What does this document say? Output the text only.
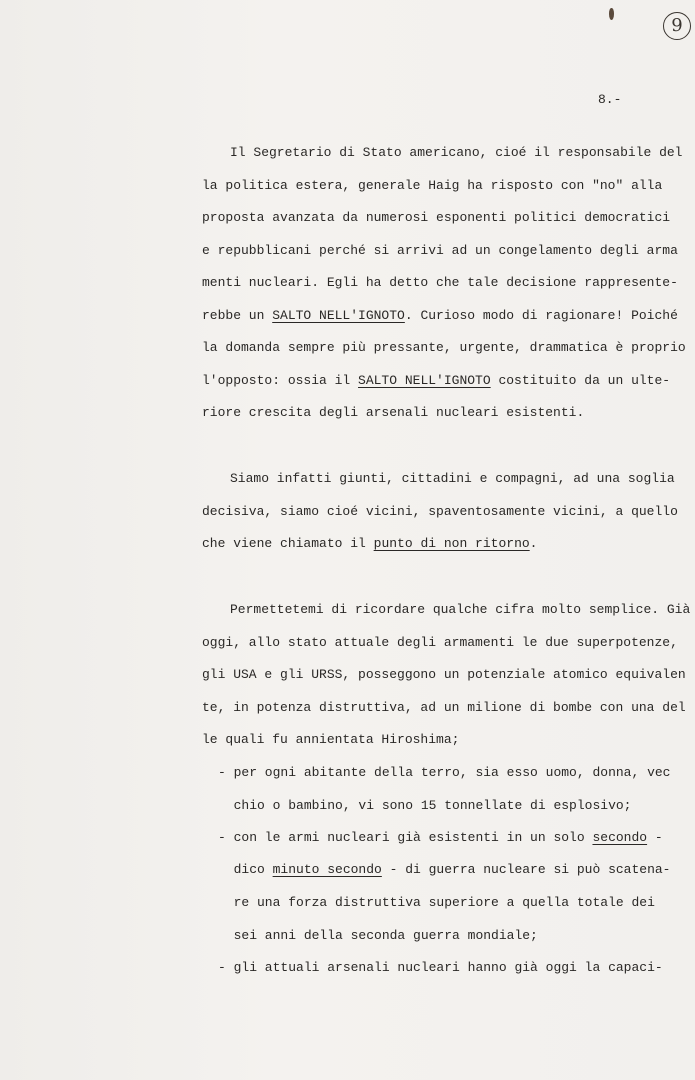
9
8.-
Il Segretario di Stato americano, cioé il responsabile del
la politica estera, generale Haig ha risposto con "no" alla
proposta avanzata da numerosi esponenti politici democratici
e repubblicani perché si arrivi ad un congelamento degli arma
menti nucleari. Egli ha detto che tale decisione rappresente-
rebbe un SALTO NELL'IGNOTO. Curioso modo di ragionare! Poiché
la domanda sempre più pressante, urgente, drammatica è proprio
l'opposto: ossia il SALTO NELL'IGNOTO costituito da un ulte-
riore crescita degli arsenali nucleari esistenti.
Siamo infatti giunti, cittadini e compagni, ad una soglia
decisiva, siamo cioé vicini, spaventosamente vicini, a quello
che viene chiamato il punto di non ritorno.
Permettetemi di ricordare qualche cifra molto semplice. Già
oggi, allo stato attuale degli armamenti le due superpotenze,
gli USA e gli URSS, posseggono un potenziale atomico equivalen
te, in potenza distruttiva, ad un milione di bombe con una del
le quali fu annientata Hiroshima;
- per ogni abitante della terro, sia esso uomo, donna, vec
chio o bambino, vi sono 15 tonnellate di esplosivo;
- con le armi nucleari già esistenti in un solo secondo -
dico minuto secondo - di guerra nucleare si può scatena-
re una forza distruttiva superiore a quella totale dei
sei anni della seconda guerra mondiale;
- gli attuali arsenali nucleari hanno già oggi la capaci-
